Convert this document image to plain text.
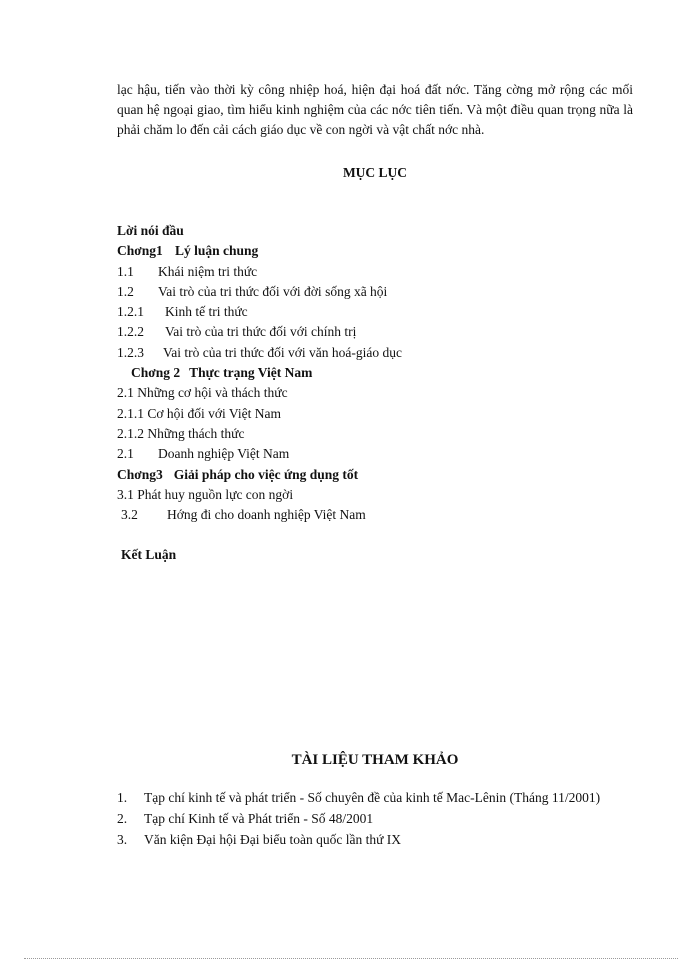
lạc hậu, tiến vào thời kỳ công nhiệp hoá, hiện đại hoá đất nớc. Tăng cờng mở rộng các mối quan hệ ngoại giao, tìm hiểu kinh nghiệm của các nớc tiên tiến. Và một điều quan trọng nữa là phải chăm lo đến cải cách giáo dục về con ngời và vật chất nớc nhà.

MỤC LỤC
Lời nói đầu
Chơng1 Lý luận chung
1.1 Khái niệm tri thức
1.2 Vai trò của tri thức đối với đời sống xã hội
1.2.1 Kinh tế tri thức
1.2.2 Vai trò của tri thức đối với chính trị
1.2.3 Vai trò của tri thức đối với văn hoá-giáo dục
Chơng 2 Thực trạng Việt Nam
2.1 Những cơ hội và thách thức
2.1.1 Cơ hội đối với Việt Nam
2.1.2 Những thách thức
2.1 Doanh nghiệp Việt Nam
Chơng3 Giải pháp cho việc ứng dụng tốt
3.1 Phát huy nguồn lực con ngời
3.2 Hớng đi cho doanh nghiệp Việt Nam
Kết Luận
TÀI LIỆU THAM KHẢO
1. Tạp chí kinh tế và phát triển - Số chuyên đề của kinh tế Mac-Lênin (Tháng 11/2001)
2. Tạp chí Kinh tế và Phát triển - Số 48/2001
3. Văn kiện Đại hội Đại biểu toàn quốc lần thứ IX
